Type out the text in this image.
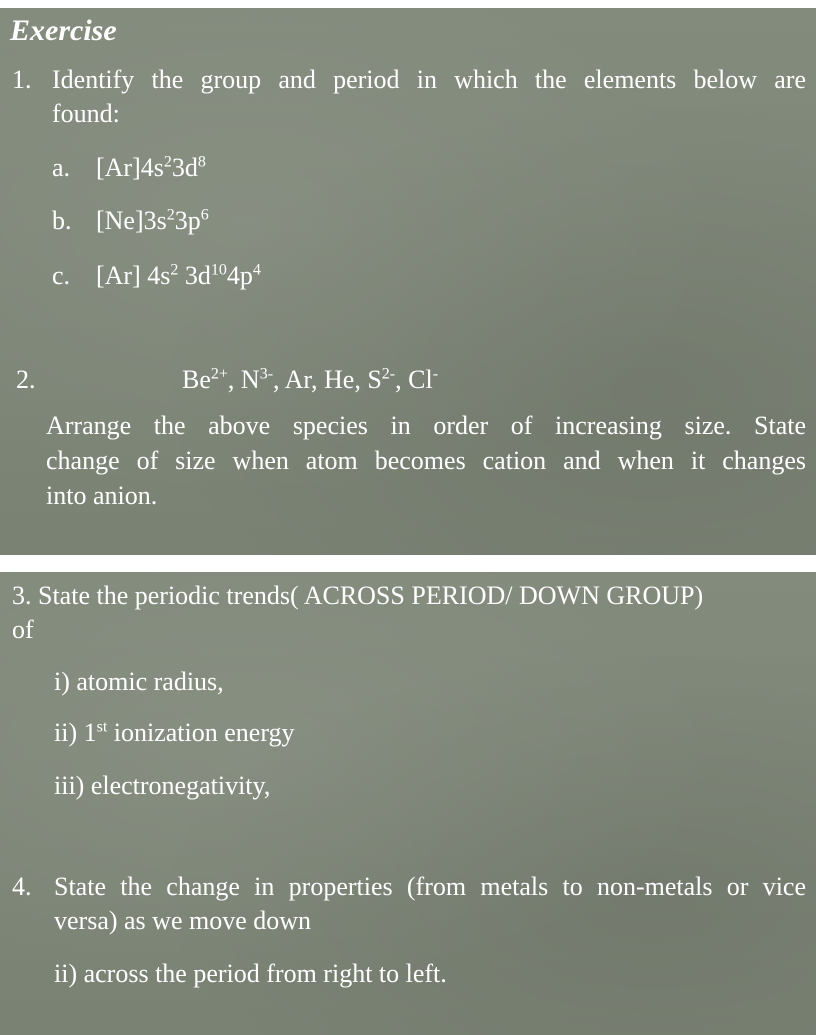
Exercise
1. Identify the group and period in which the elements below are
found:
a. $[Ar]4s^23d^8$
b. $[Ne]3s^23p^6$
c. [Ar] $4s^2$ $3d^{10}4p^4$
2.	$Be^{2+}$, $N^{3-}$, Ar, He, $S^{2-}$, Cl-
Arrange the above species in order of increasing size. State
change of size when atom becomes cation and when it changes
into anion.
3. State the periodic trends( ACROSS PERIOD/ DOWN GROUP)
of
i) atomic radius,
ii) 1st ionization energy
iii) electronegativity,
4. State the change in properties (from metals to non-metals or vice
versa) as we move down
ii) across the period from right to left.
